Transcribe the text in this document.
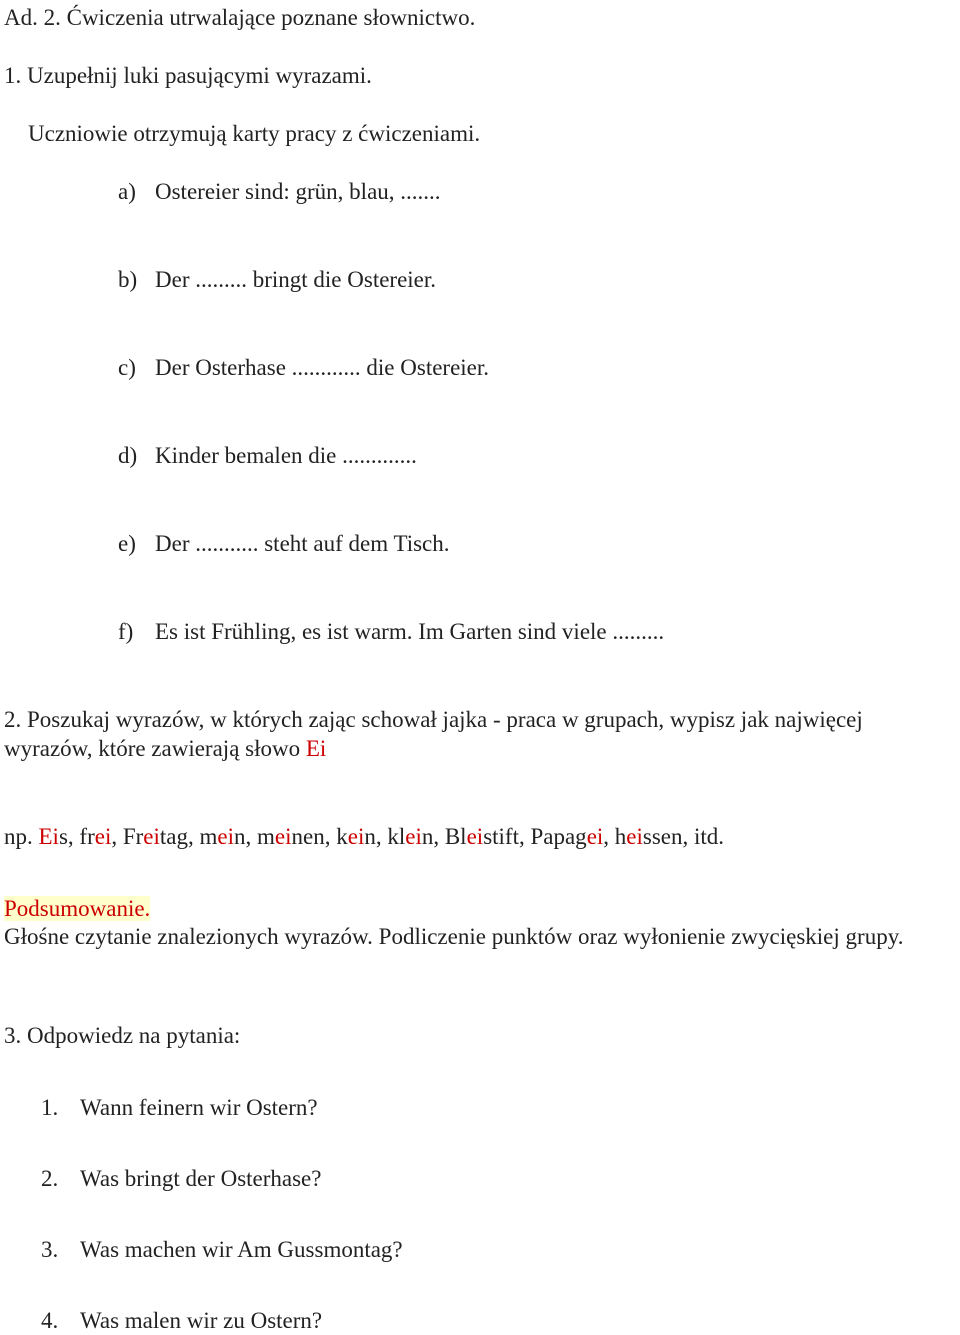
Ad. 2. Ćwiczenia utrwalające poznane słownictwo.
1. Uzupełnij luki pasującymi wyrazami.
Uczniowie otrzymują karty pracy z ćwiczeniami.
a) Ostereier sind: grün, blau, .......
b) Der ......... bringt die Ostereier.
c) Der Osterhase ............ die Ostereier.
d) Kinder bemalen die .............
e) Der ........... steht auf dem Tisch.
f) Es ist Frühling, es ist warm. Im Garten sind viele .........
2. Poszukaj wyrazów, w których zając schował jajka - praca w grupach, wypisz jak najwięcej
wyrazów, które zawierają słowo Ei
np. Eis, frei, Freitag, mein, meinen, kein, klein, Bleistift, Papagei, heissen, itd.
Podsumowanie.
Głośne czytanie znalezionych wyrazów. Podliczenie punktów oraz wyłonienie zwycięskiej grupy.
3. Odpowiedz na pytania:
1. Wann feinern wir Ostern?
2. Was bringt der Osterhase?
3. Was machen wir Am Gussmontag?
4. Was malen wir zu Ostern?
